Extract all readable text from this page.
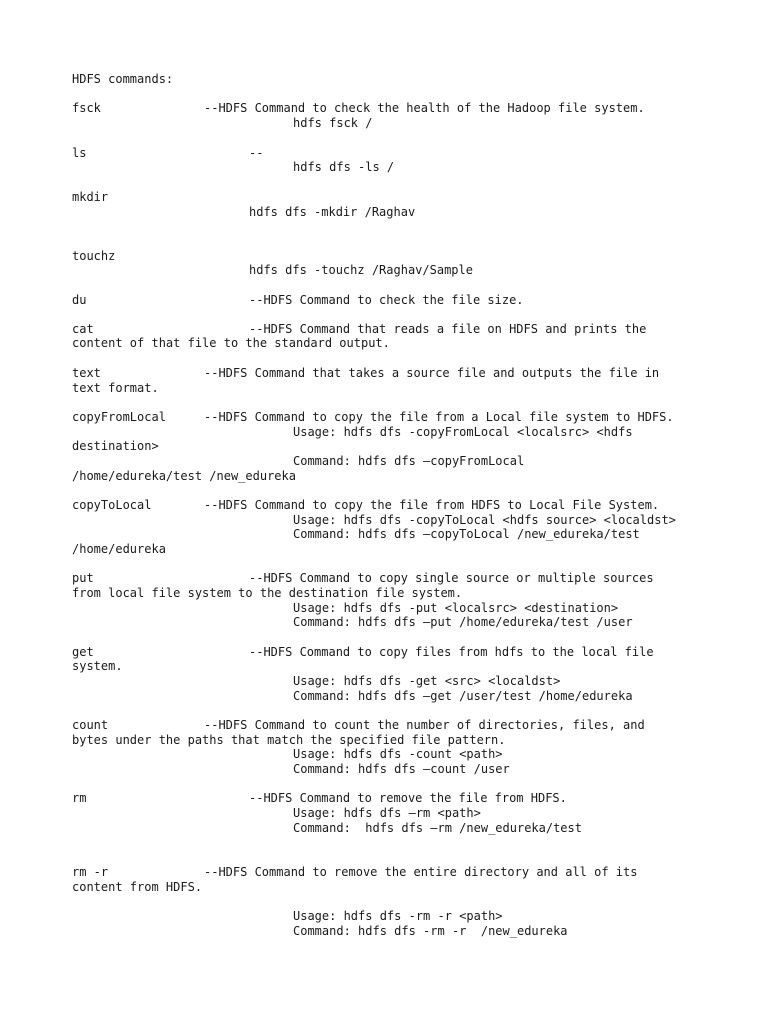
HDFS commands:

fsck	--HDFS Command to check the health of the Hadoop file system.

hdfs fsck /

ls	--

hdfs dfs -ls /

mkdir

hdfs dfs -mkdir /Raghav

touchz

hdfs dfs -touchz /Raghav/Sample

du	--HDFS Command to check the file size.

cat	--HDFS Command that reads a file on HDFS and prints the

content of that file to the standard output.

text	--HDFS Command that takes a source file and outputs the file in

text format.

copyFromLocal	--HDFS Command to copy the file from a Local file system to HDFS.

Usage: hdfs dfs -copyFromLocal <localsrc> <hdfs

destination>

Command: hdfs dfs –copyFromLocal

/home/edureka/test /new_edureka

copyToLocal	--HDFS Command to copy the file from HDFS to Local File System.

Usage: hdfs dfs -copyToLocal <hdfs source> <localdst>

Command: hdfs dfs –copyToLocal /new_edureka/test

/home/edureka

put	--HDFS Command to copy single source or multiple sources

from local file system to the destination file system.

Usage: hdfs dfs -put <localsrc> <destination>

Command: hdfs dfs –put /home/edureka/test /user

get	--HDFS Command to copy files from hdfs to the local file

system.

Usage: hdfs dfs -get <src> <localdst>

Command: hdfs dfs –get /user/test /home/edureka

count	--HDFS Command to count the number of directories, files, and

bytes under the paths that match the specified file pattern.

Usage: hdfs dfs -count <path>

Command: hdfs dfs –count /user

rm	--HDFS Command to remove the file from HDFS.

Usage: hdfs dfs –rm <path>

Command:  hdfs dfs –rm /new_edureka/test

rm -r	--HDFS Command to remove the entire directory and all of its

content from HDFS.

Usage: hdfs dfs -rm -r <path>

Command: hdfs dfs -rm -r  /new_edureka
